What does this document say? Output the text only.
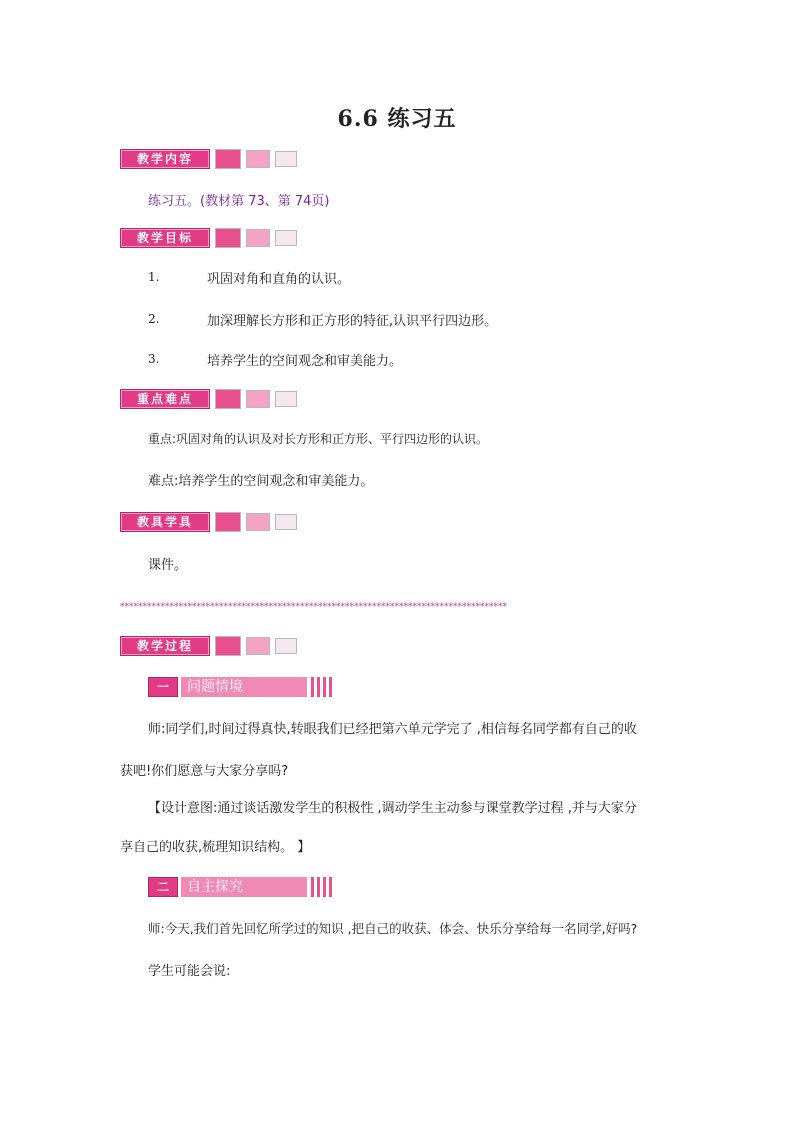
6.6 练习五
教学内容
练习五。(教材第 73、第 74页)
教学目标
1.	巩固对角和直角的认识。
2.	加深理解长方形和正方形的特征,认识平行四边形。
3.	培养学生的空间观念和审美能力。
重点难点
重点:巩固对角的认识及对长方形和正方形、平行四边形的认识。
难点:培养学生的空间观念和审美能力。
教具学具
课件。
**************************************************************************************
教学过程
一	问题情境
师:同学们,时间过得真快,转眼我们已经把第六单元学完了 ,相信每名同学都有自己的收
获吧!你们愿意与大家分享吗?
【设计意图:通过谈话激发学生的积极性 ,调动学生主动参与课堂教学过程 ,并与大家分
享自己的收获,梳理知识结构。 】
二	自主探究
师:今天,我们首先回忆所学过的知识 ,把自己的收获、体会、快乐分享给每一名同学,好吗?
学生可能会说:
